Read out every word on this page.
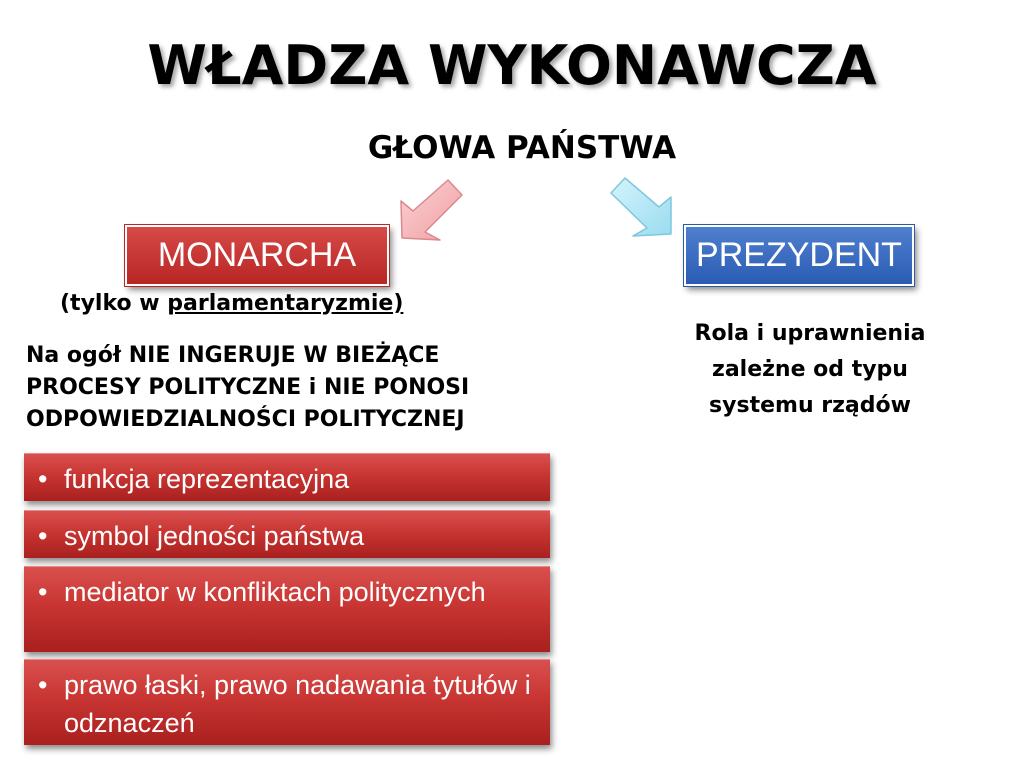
WŁADZA WYKONAWCZA
GŁOWA PAŃSTWA
MONARCHA	PREZYDENT
(tylko w parlamentaryzmie)
Na ogół NIE INGERUJE W BIEŻĄCE
PROCESY POLITYCZNE i NIE PONOSI
ODPOWIEDZIALNOŚCI POLITYCZNEJ
Rola i uprawnienia
zależne od typu
systemu rządów
• funkcja reprezentacyjna
• symbol jedności państwa
• mediator w konfliktach politycznych
• prawo łaski, prawo nadawania tytułów i odznaczeń
